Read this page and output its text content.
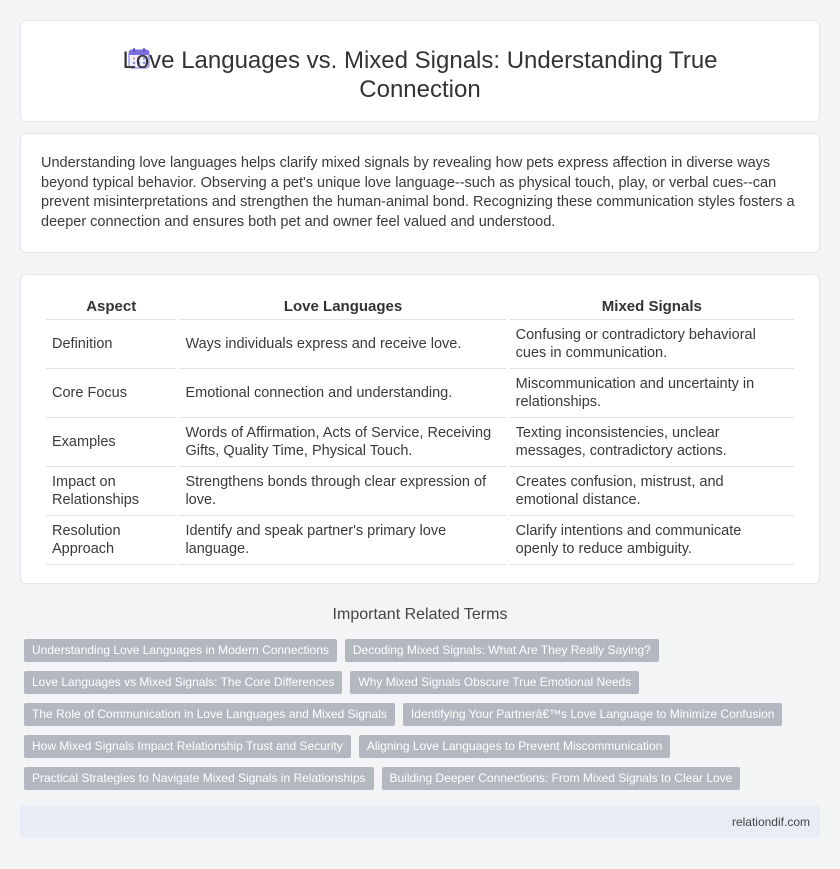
Love Languages vs. Mixed Signals: Understanding True Connection

Understanding love languages helps clarify mixed signals by revealing how pets express affection in diverse ways beyond typical behavior. Observing a pet's unique love language--such as physical touch, play, or verbal cues--can prevent misinterpretations and strengthen the human-animal bond. Recognizing these communication styles fosters a deeper connection and ensures both pet and owner feel valued and understood.

Aspect	Love Languages	Mixed Signals
Definition	Ways individuals express and receive love.	Confusing or contradictory behavioral cues in communication.
Core Focus	Emotional connection and understanding.	Miscommunication and uncertainty in relationships.
Examples	Words of Affirmation, Acts of Service, Receiving Gifts, Quality Time, Physical Touch.	Texting inconsistencies, unclear messages, contradictory actions.
Impact on Relationships	Strengthens bonds through clear expression of love.	Creates confusion, mistrust, and emotional distance.
Resolution Approach	Identify and speak partner's primary love language.	Clarify intentions and communicate openly to reduce ambiguity.
Important Related Terms
Understanding Love Languages in Modern Connections	Decoding Mixed Signals: What Are They Really Saying?
Love Languages vs Mixed Signals: The Core Differences	Why Mixed Signals Obscure True Emotional Needs
The Role of Communication in Love Languages and Mixed Signals	Identifying Your Partnerâ€™s Love Language to Minimize Confusion
How Mixed Signals Impact Relationship Trust and Security	Aligning Love Languages to Prevent Miscommunication
Practical Strategies to Navigate Mixed Signals in Relationships	Building Deeper Connections: From Mixed Signals to Clear Love
relationdif.com
